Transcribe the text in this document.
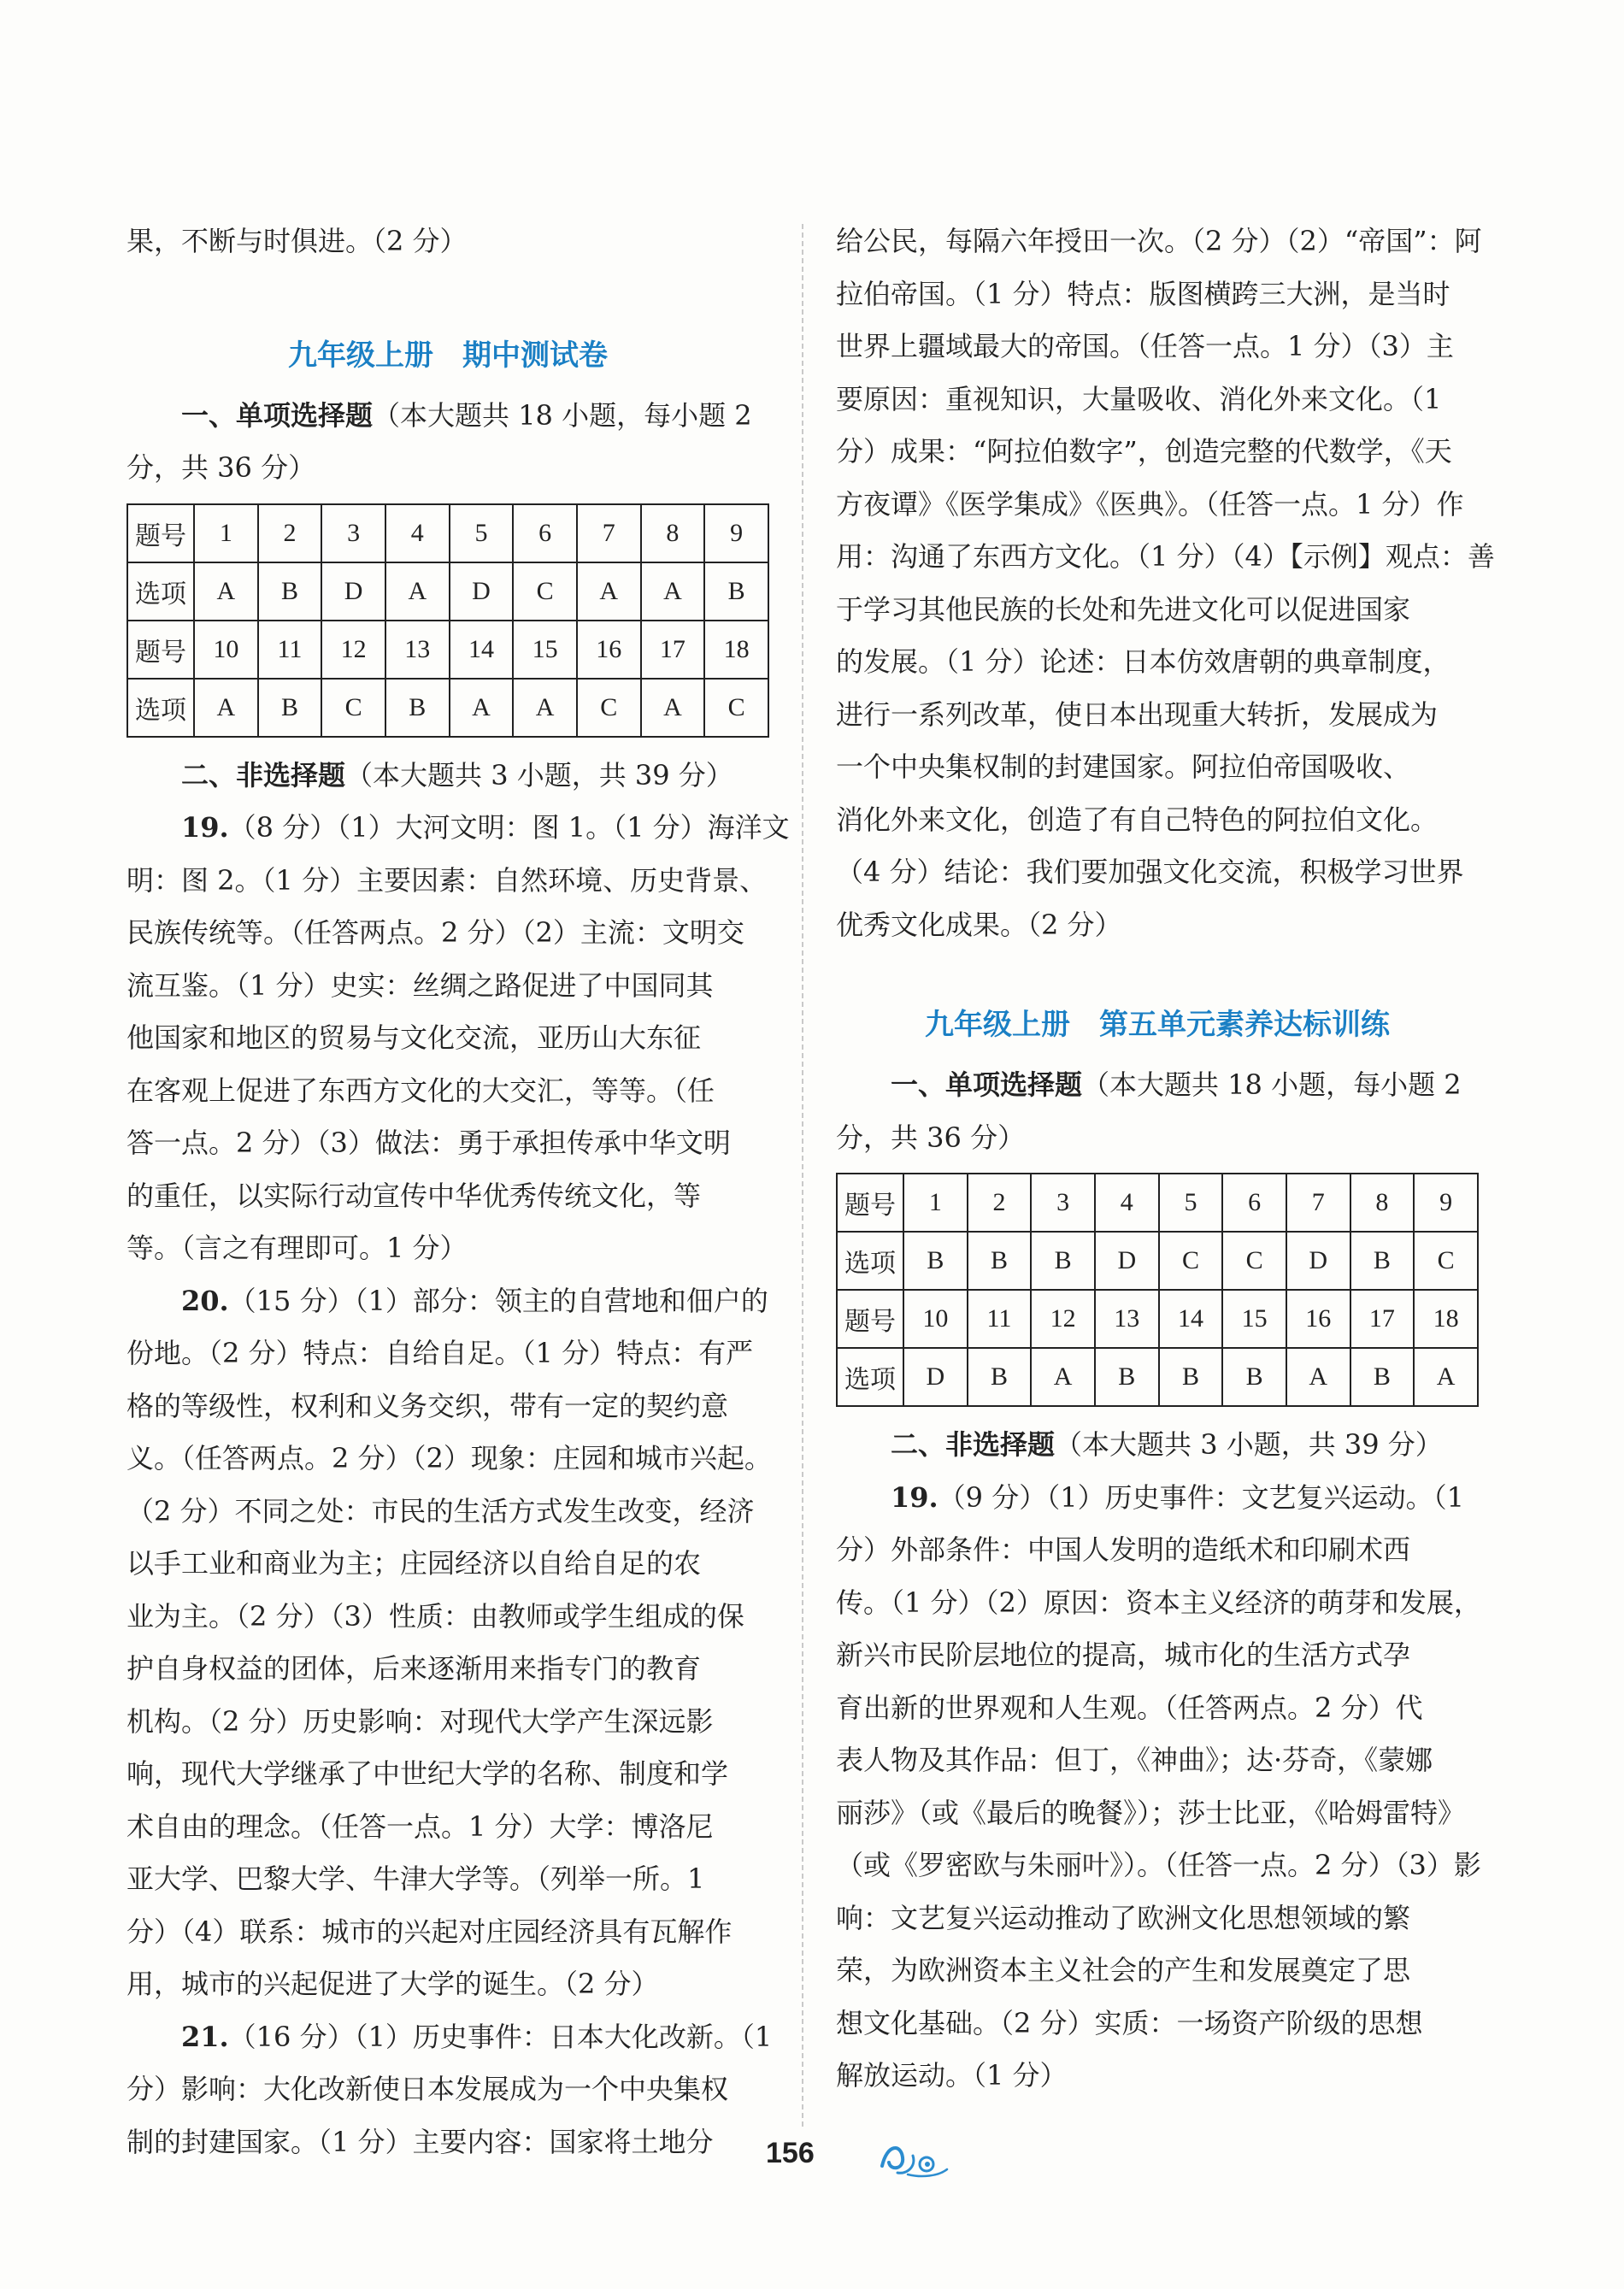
果，不断与时俱进。（2 分）

九年级上册　期中测试卷

一、单项选择题（本大题共 18 小题，每小题 2

分，共 36 分）

题号	1	2	3	4	5	6	7	8	9
选项	A	B	D	A	D	C	A	A	B
题号	10	11	12	13	14	15	16	17	18
选项	A	B	C	B	A	A	C	A	C

二、非选择题（本大题共 3 小题，共 39 分）

19.（8 分）（1）大河文明：图 1。（1 分）海洋文

明：图 2。（1 分）主要因素：自然环境、历史背景、

民族传统等。（任答两点。2 分）（2）主流：文明交

流互鉴。（1 分）史实：丝绸之路促进了中国同其

他国家和地区的贸易与文化交流，亚历山大东征

在客观上促进了东西方文化的大交汇，等等。（任

答一点。2 分）（3）做法：勇于承担传承中华文明

的重任，以实际行动宣传中华优秀传统文化，等

等。（言之有理即可。1 分）

20.（15 分）（1）部分：领主的自营地和佃户的

份地。（2 分）特点：自给自足。（1 分）特点：有严

格的等级性，权利和义务交织，带有一定的契约意

义。（任答两点。2 分）（2）现象：庄园和城市兴起。

（2 分）不同之处：市民的生活方式发生改变，经济

以手工业和商业为主；庄园经济以自给自足的农

业为主。（2 分）（3）性质：由教师或学生组成的保

护自身权益的团体，后来逐渐用来指专门的教育

机构。（2 分）历史影响：对现代大学产生深远影

响，现代大学继承了中世纪大学的名称、制度和学

术自由的理念。（任答一点。1 分）大学：博洛尼

亚大学、巴黎大学、牛津大学等。（列举一所。1

分）（4）联系：城市的兴起对庄园经济具有瓦解作

用，城市的兴起促进了大学的诞生。（2 分）

21.（16 分）（1）历史事件：日本大化改新。（1

分）影响：大化改新使日本发展成为一个中央集权

制的封建国家。（1 分）主要内容：国家将土地分

给公民，每隔六年授田一次。（2 分）（2）“帝国”：阿

拉伯帝国。（1 分）特点：版图横跨三大洲，是当时

世界上疆域最大的帝国。（任答一点。1 分）（3）主

要原因：重视知识，大量吸收、消化外来文化。（1

分）成果：“阿拉伯数字”，创造完整的代数学，《天

方夜谭》《医学集成》《医典》。（任答一点。1 分）作

用：沟通了东西方文化。（1 分）（4）【示例】观点：善

于学习其他民族的长处和先进文化可以促进国家

的发展。（1 分）论述：日本仿效唐朝的典章制度，

进行一系列改革，使日本出现重大转折，发展成为

一个中央集权制的封建国家。阿拉伯帝国吸收、

消化外来文化，创造了有自己特色的阿拉伯文化。

（4 分）结论：我们要加强文化交流，积极学习世界

优秀文化成果。（2 分）

九年级上册　第五单元素养达标训练

一、单项选择题（本大题共 18 小题，每小题 2

分，共 36 分）

题号	1	2	3	4	5	6	7	8	9
选项	B	B	B	D	C	C	D	B	C
题号	10	11	12	13	14	15	16	17	18
选项	D	B	A	B	B	B	A	B	A

二、非选择题（本大题共 3 小题，共 39 分）

19.（9 分）（1）历史事件：文艺复兴运动。（1

分）外部条件：中国人发明的造纸术和印刷术西

传。（1 分）（2）原因：资本主义经济的萌芽和发展，

新兴市民阶层地位的提高，城市化的生活方式孕

育出新的世界观和人生观。（任答两点。2 分）代

表人物及其作品：但丁，《神曲》；达·芬奇，《蒙娜

丽莎》（或《最后的晚餐》）；莎士比亚，《哈姆雷特》

（或《罗密欧与朱丽叶》）。（任答一点。2 分）（3）影

响：文艺复兴运动推动了欧洲文化思想领域的繁

荣，为欧洲资本主义社会的产生和发展奠定了思

想文化基础。（2 分）实质：一场资产阶级的思想

解放运动。（1 分）

156
